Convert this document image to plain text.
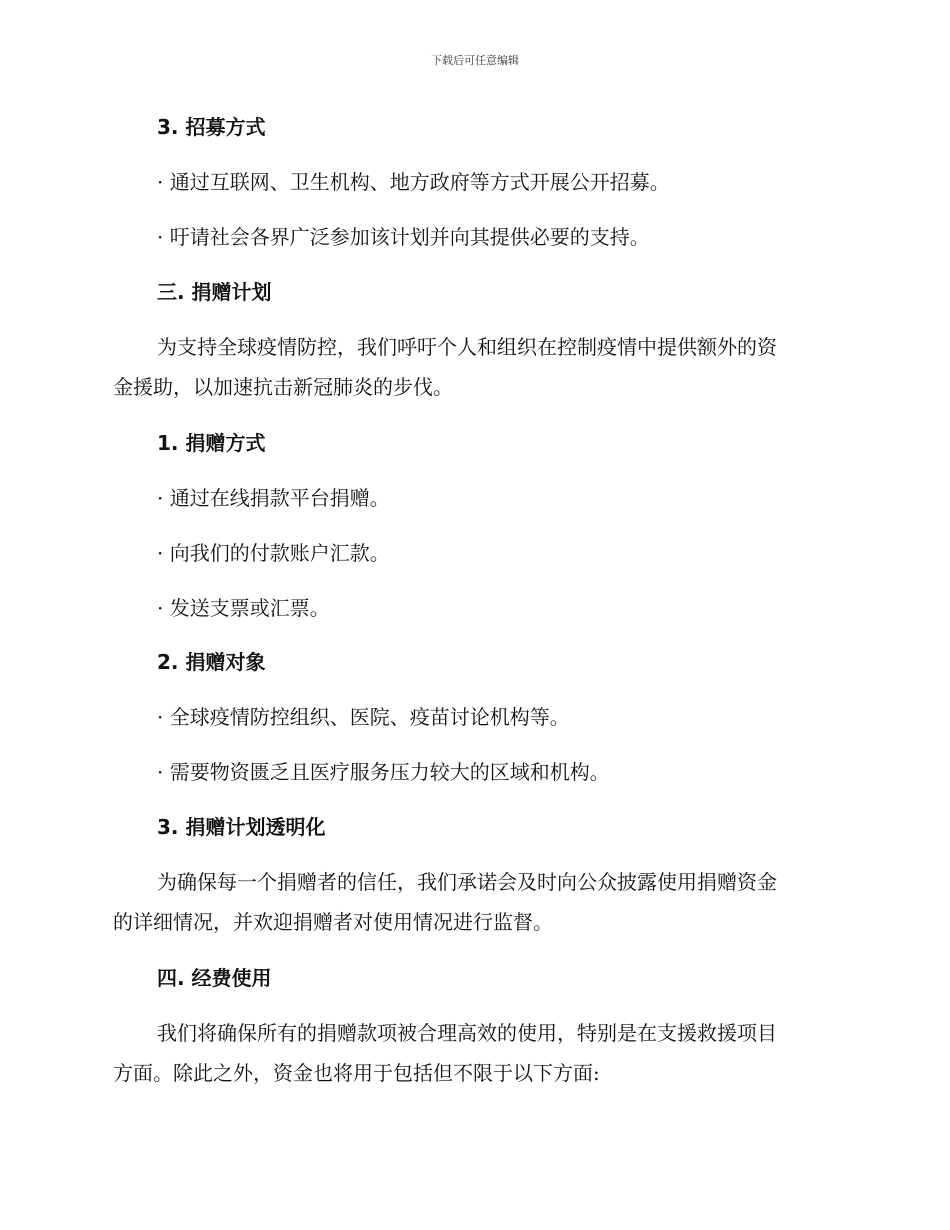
下载后可任意编辑
3. 招募方式
· 通过互联网、卫生机构、地方政府等方式开展公开招募。
· 吁请社会各界广泛参加该计划并向其提供必要的支持。
三. 捐赠计划
为支持全球疫情防控，我们呼吁个人和组织在控制疫情中提供额外的资
金援助，以加速抗击新冠肺炎的步伐。
1. 捐赠方式
· 通过在线捐款平台捐赠。
· 向我们的付款账户汇款。
· 发送支票或汇票。
2. 捐赠对象
· 全球疫情防控组织、医院、疫苗讨论机构等。
· 需要物资匮乏且医疗服务压力较大的区域和机构。
3. 捐赠计划透明化
为确保每一个捐赠者的信任，我们承诺会及时向公众披露使用捐赠资金
的详细情况，并欢迎捐赠者对使用情况进行监督。
四. 经费使用
我们将确保所有的捐赠款项被合理高效的使用，特别是在支援救援项目
方面。除此之外，资金也将用于包括但不限于以下方面:
